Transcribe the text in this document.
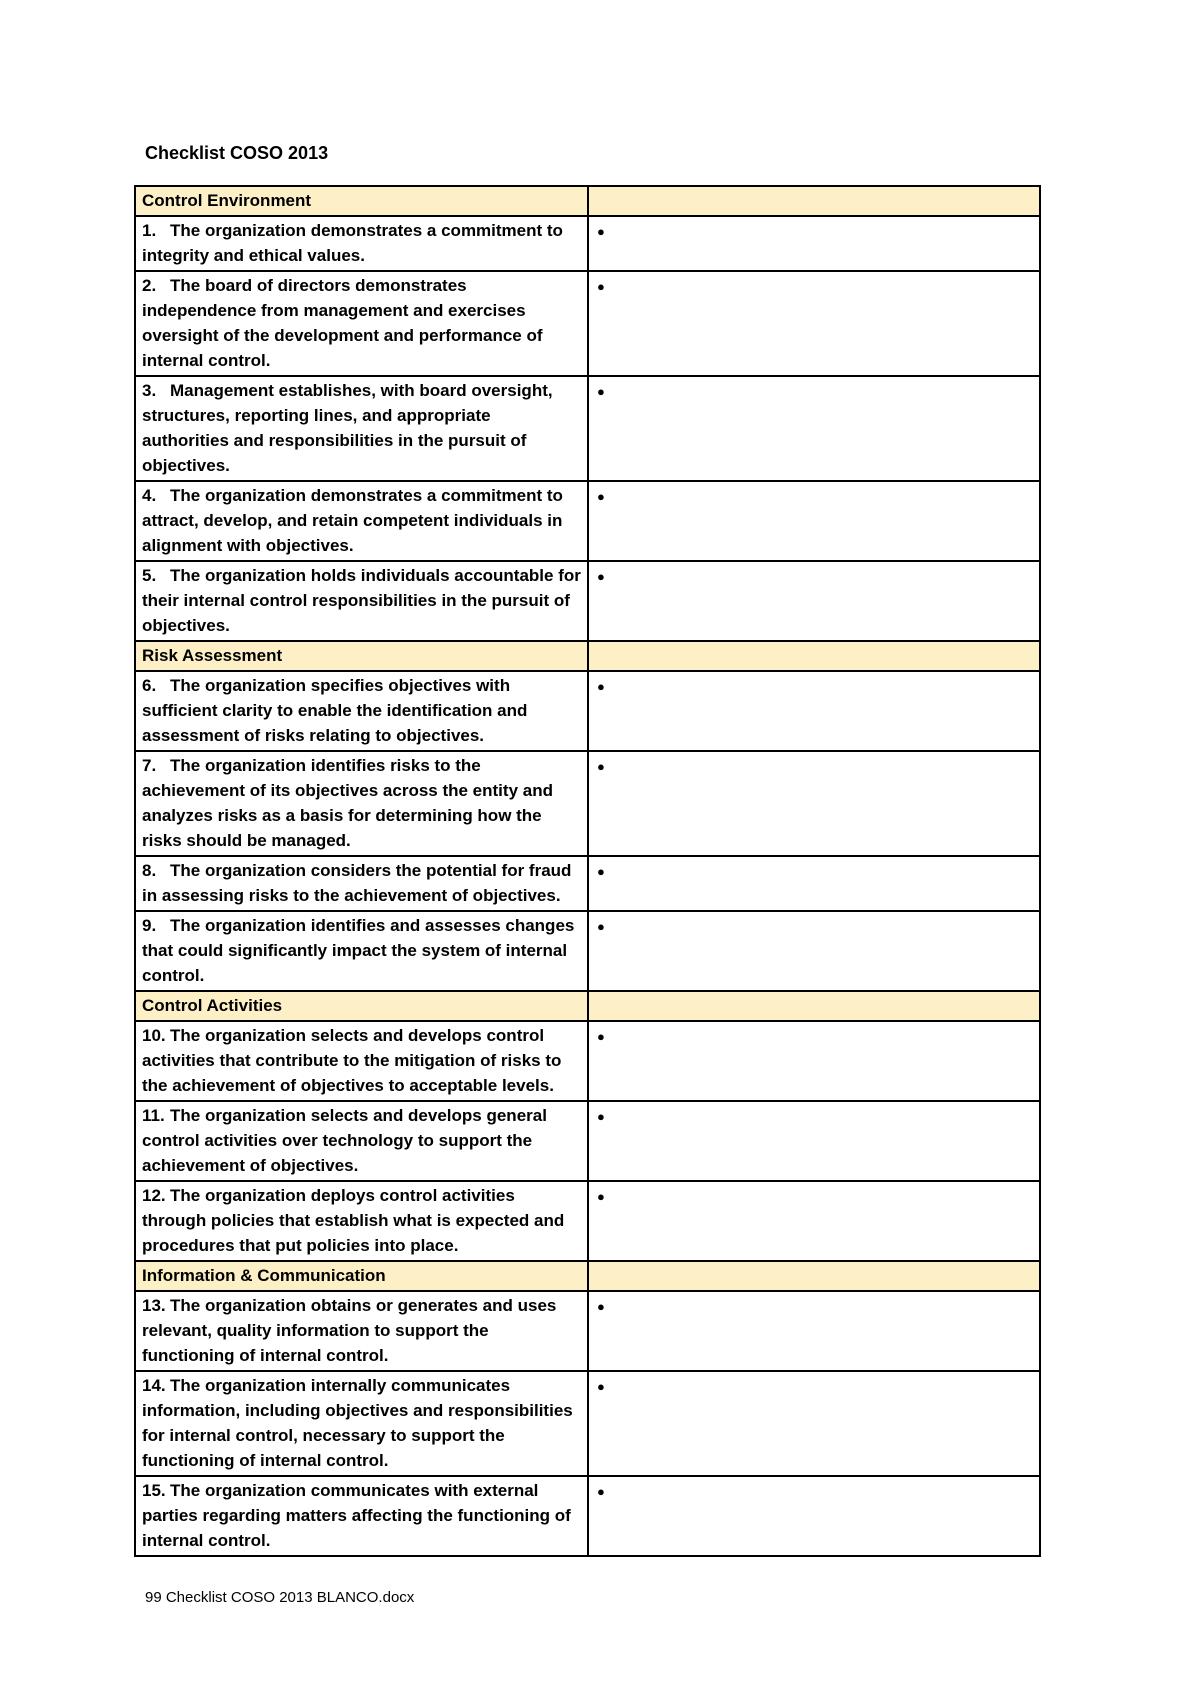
Checklist COSO 2013
Control Environment	
1. The organization demonstrates a commitment to integrity and ethical values.	●
2. The board of directors demonstrates independence from management and exercises oversight of the development and performance of internal control.	●
3. Management establishes, with board oversight, structures, reporting lines, and appropriate authorities and responsibilities in the pursuit of objectives.	●
4. The organization demonstrates a commitment to attract, develop, and retain competent individuals in alignment with objectives.	●
5. The organization holds individuals accountable for their internal control responsibilities in the pursuit of objectives.	●
Risk Assessment	
6. The organization specifies objectives with sufficient clarity to enable the identification and assessment of risks relating to objectives.	●
7. The organization identifies risks to the achievement of its objectives across the entity and analyzes risks as a basis for determining how the risks should be managed.	●
8. The organization considers the potential for fraud in assessing risks to the achievement of objectives.	●
9. The organization identifies and assesses changes that could significantly impact the system of internal control.	●
Control Activities	
10. The organization selects and develops control activities that contribute to the mitigation of risks to the achievement of objectives to acceptable levels.	●
11. The organization selects and develops general control activities over technology to support the achievement of objectives.	●
12. The organization deploys control activities through policies that establish what is expected and procedures that put policies into place.	●
Information & Communication	
13. The organization obtains or generates and uses relevant, quality information to support the functioning of internal control.	●
14. The organization internally communicates information, including objectives and responsibilities for internal control, necessary to support the functioning of internal control.	●
15. The organization communicates with external parties regarding matters affecting the functioning of internal control.	●
99 Checklist COSO 2013 BLANCO.docx
